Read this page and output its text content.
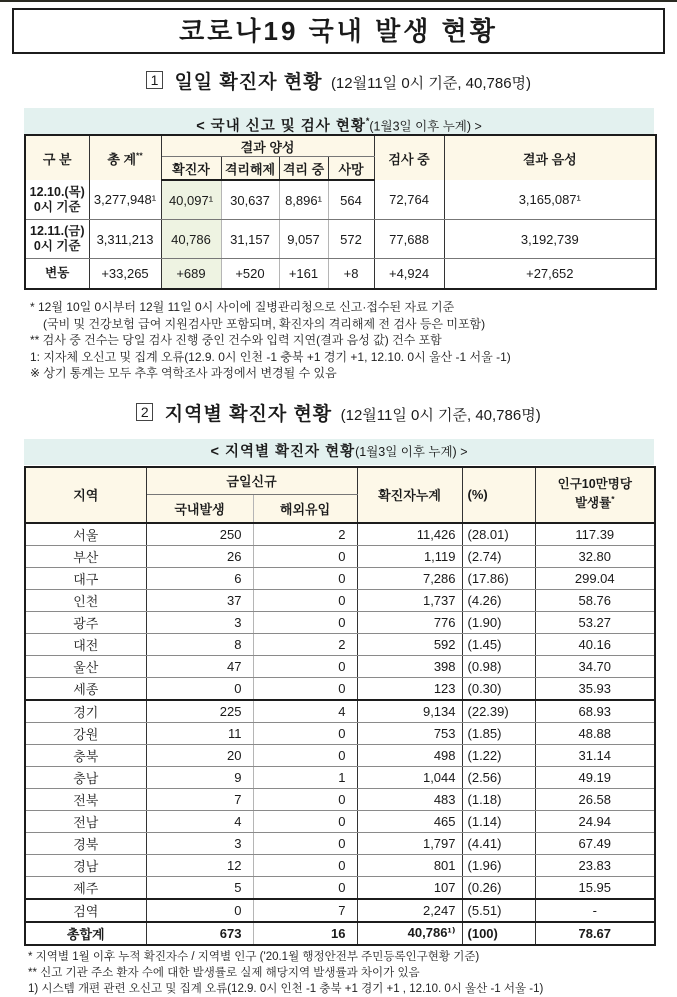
코로나19 국내 발생 현황
1 일일 확진자 현황 (12월11일 0시 기준, 40,786명)
< 국내 신고 및 검사 현황*(1월3일 이후 누계) >
구 분	총 계**	결과 양성				검사 중	결과 음성
		확진자	격리해제	격리 중	사망		
12.10.(목)
0시 기준	3,277,948¹	40,097¹	30,637	8,896¹	564	72,764	3,165,087¹
12.11.(금)
0시 기준	3,311,213	40,786	31,157	9,057	572	77,688	3,192,739
변동	+33,265	+689	+520	+161	+8	+4,924	+27,652
* 12월 10일 0시부터 12월 11일 0시 사이에 질병관리청으로 신고·접수된 자료 기준
(국비 및 건강보험 급여 지원검사만 포함되며, 확진자의 격리해제 전 검사 등은 미포함)
** 검사 중 건수는 당일 검사 진행 중인 건수와 입력 지연(결과 음성 값) 건수 포함
1: 지자체 오신고 및 집계 오류(12.9. 0시 인천 -1 충북 +1 경기 +1, 12.10. 0시 울산 -1 서울 -1)
※ 상기 통계는 모두 추후 역학조사 과정에서 변경될 수 있음
2 지역별 확진자 현황 (12월11일 0시 기준, 40,786명)
< 지역별 확진자 현황(1월3일 이후 누계) >
지역	금일신규		확진자누계	(%)	인구10만명당
발생률*
	국내발생	해외유입			
서울	250	2	11,426	(28.01)	117.39
부산	26	0	1,119	(2.74)	32.80
대구	6	0	7,286	(17.86)	299.04
인천	37	0	1,737	(4.26)	58.76
광주	3	0	776	(1.90)	53.27
대전	8	2	592	(1.45)	40.16
울산	47	0	398	(0.98)	34.70
세종	0	0	123	(0.30)	35.93
경기	225	4	9,134	(22.39)	68.93
강원	11	0	753	(1.85)	48.88
충북	20	0	498	(1.22)	31.14
충남	9	1	1,044	(2.56)	49.19
전북	7	0	483	(1.18)	26.58
전남	4	0	465	(1.14)	24.94
경북	3	0	1,797	(4.41)	67.49
경남	12	0	801	(1.96)	23.83
제주	5	0	107	(0.26)	15.95
검역	0	7	2,247	(5.51)	-
총합계	673	16	40,786¹⁾	(100)	78.67
* 지역별 1월 이후 누적 확진자수 / 지역별 인구 ('20.1월 행정안전부 주민등록인구현황 기준)
** 신고 기관 주소 환자 수에 대한 발생률로 실제 해당지역 발생률과 차이가 있음
1) 시스템 개편 관련 오신고 및 집계 오류(12.9. 0시 인천 -1 충북 +1 경기 +1 , 12.10. 0시 울산 -1 서울 -1)
